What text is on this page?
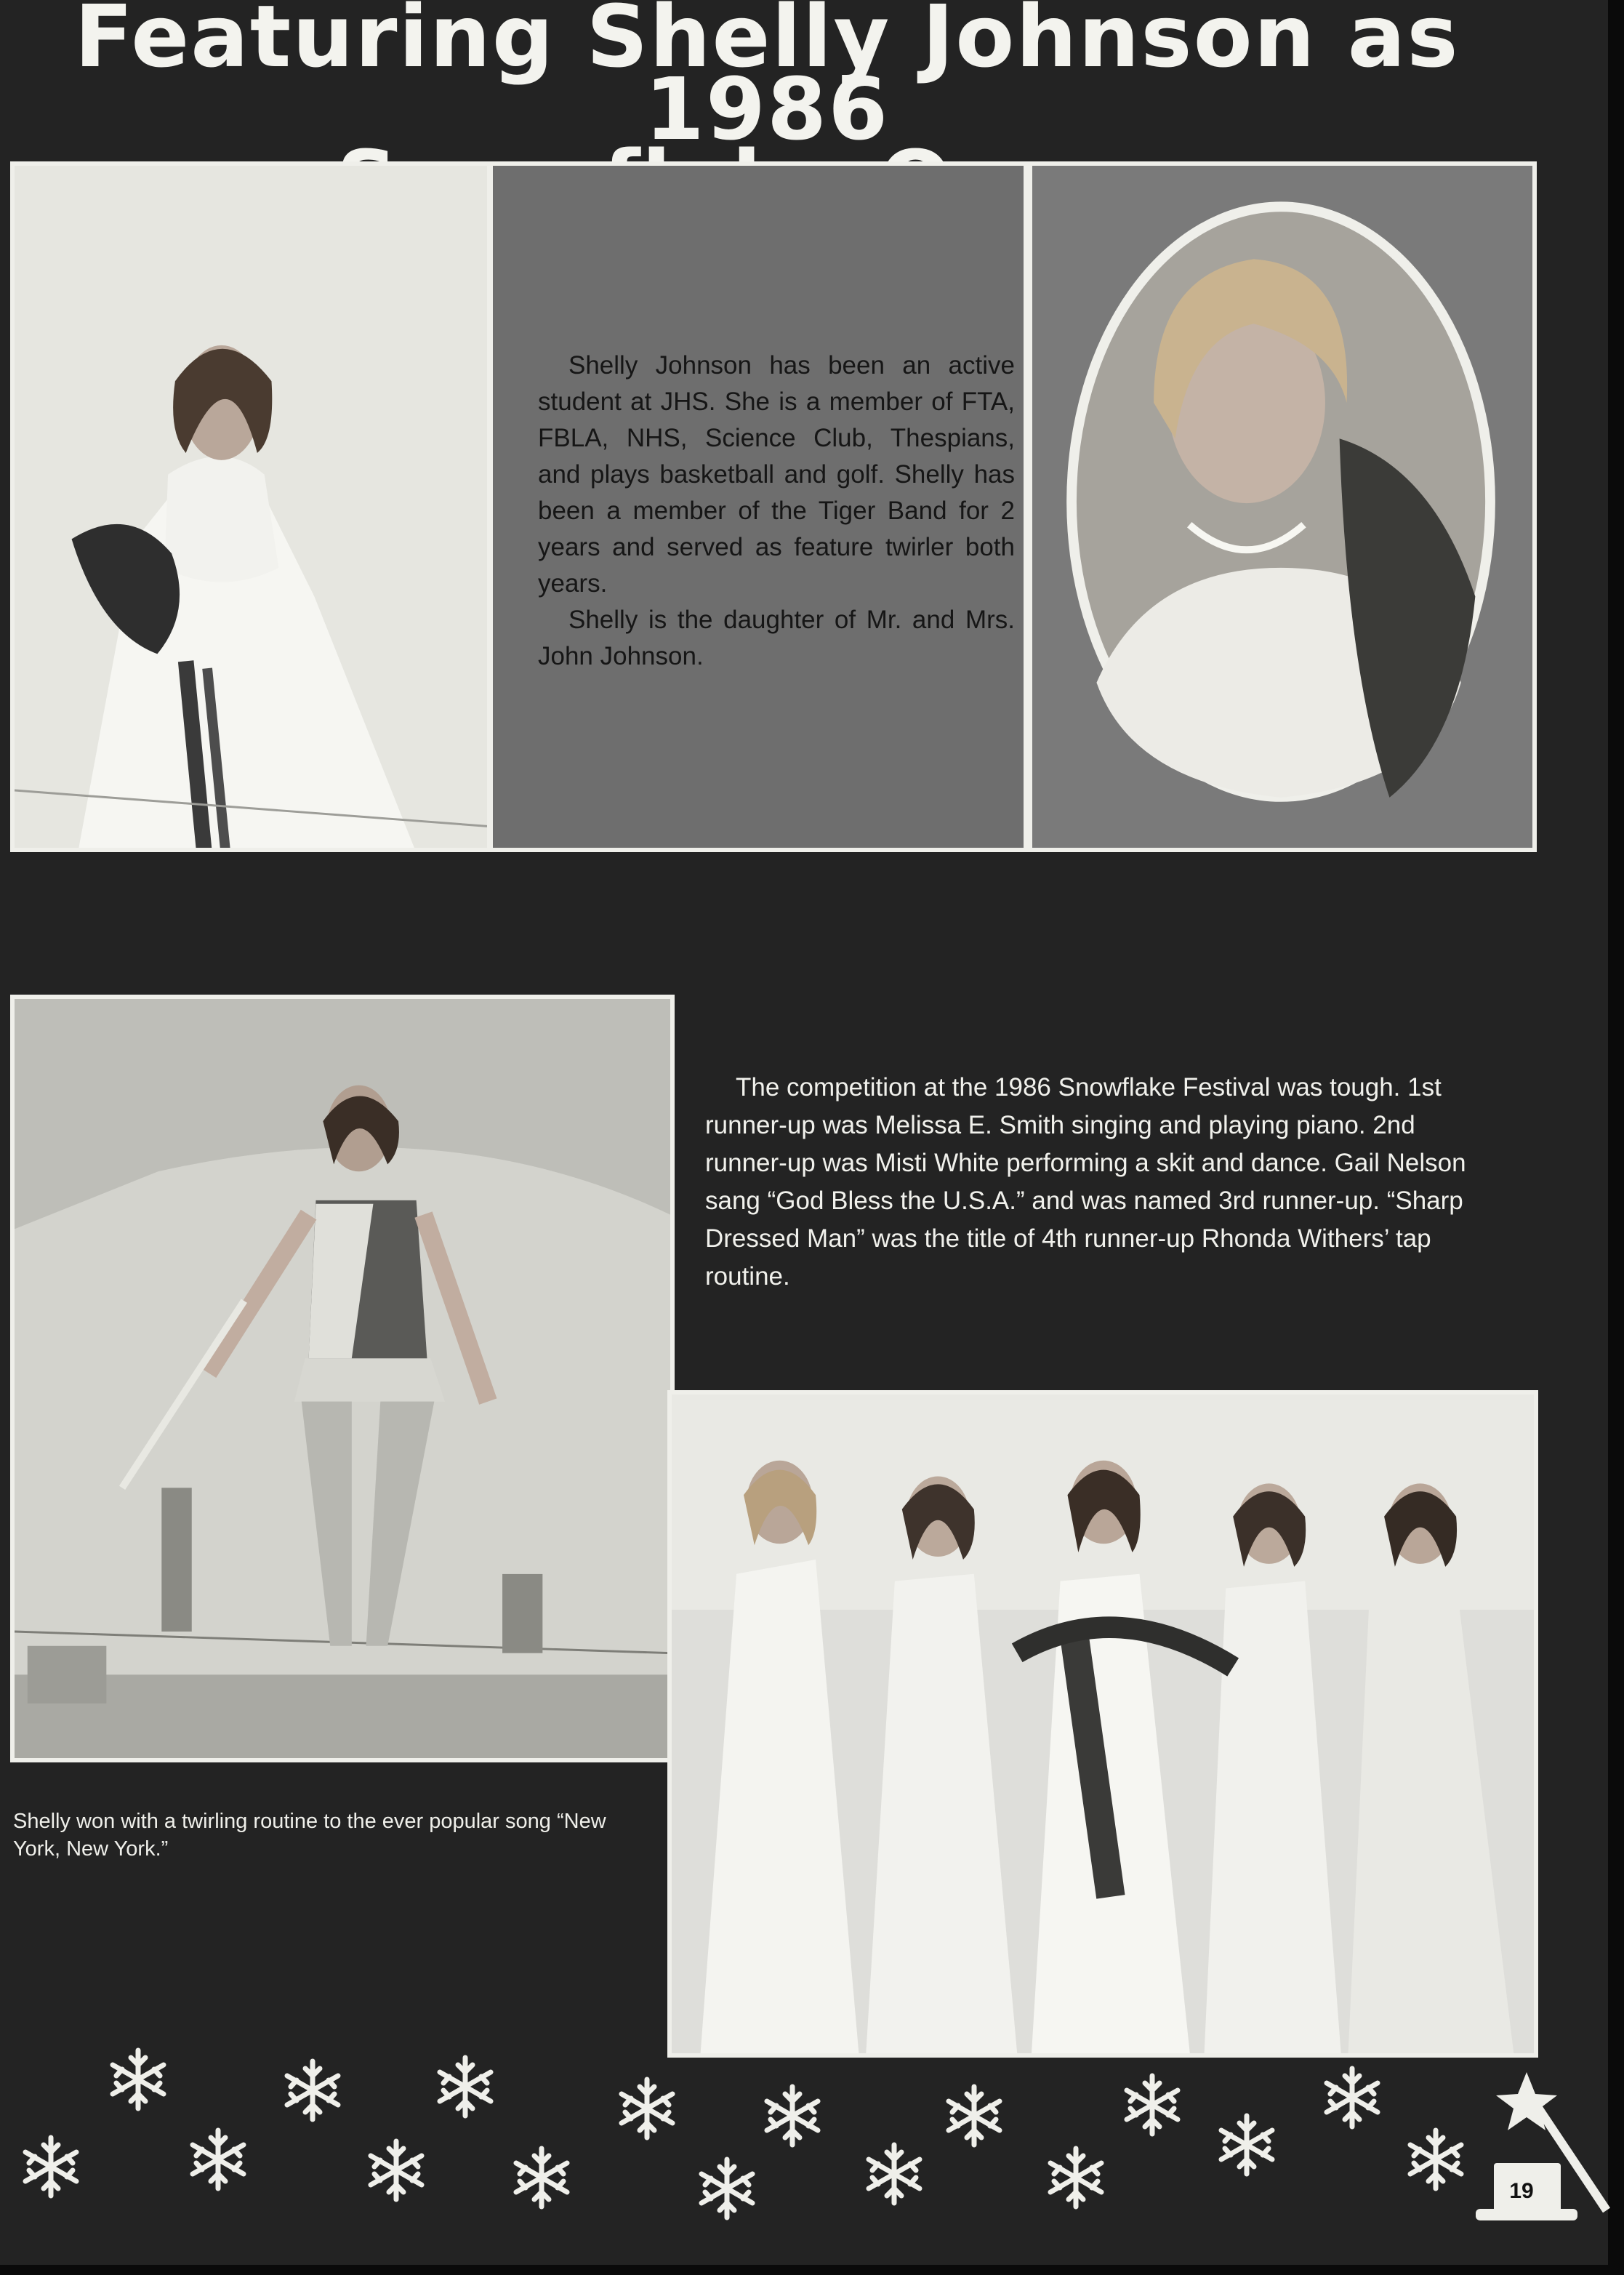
Featuring Shelly Johnson as 1986

Shelly Johnson has been an active student at JHS. She is a member of FTA, FBLA, NHS, Science Club, Thespians, and plays basketball and golf. Shelly has been a member of the Tiger Band for 2 years and served as feature twirler both years.

Shelly is the daughter of Mr. and Mrs. John Johnson.

The competition at the 1986 Snowflake Festival was tough. 1st runner-up was Melissa E. Smith singing and playing piano. 2nd runner-up was Misti White performing a skit and dance. Gail Nelson sang “God Bless the U.S.A.” and was named 3rd runner-up. “Sharp Dressed Man” was the title of 4th runner-up Rhonda Withers’ tap routine.
Shelly won with a twirling routine to the ever popular song “New York, New York.”
19
